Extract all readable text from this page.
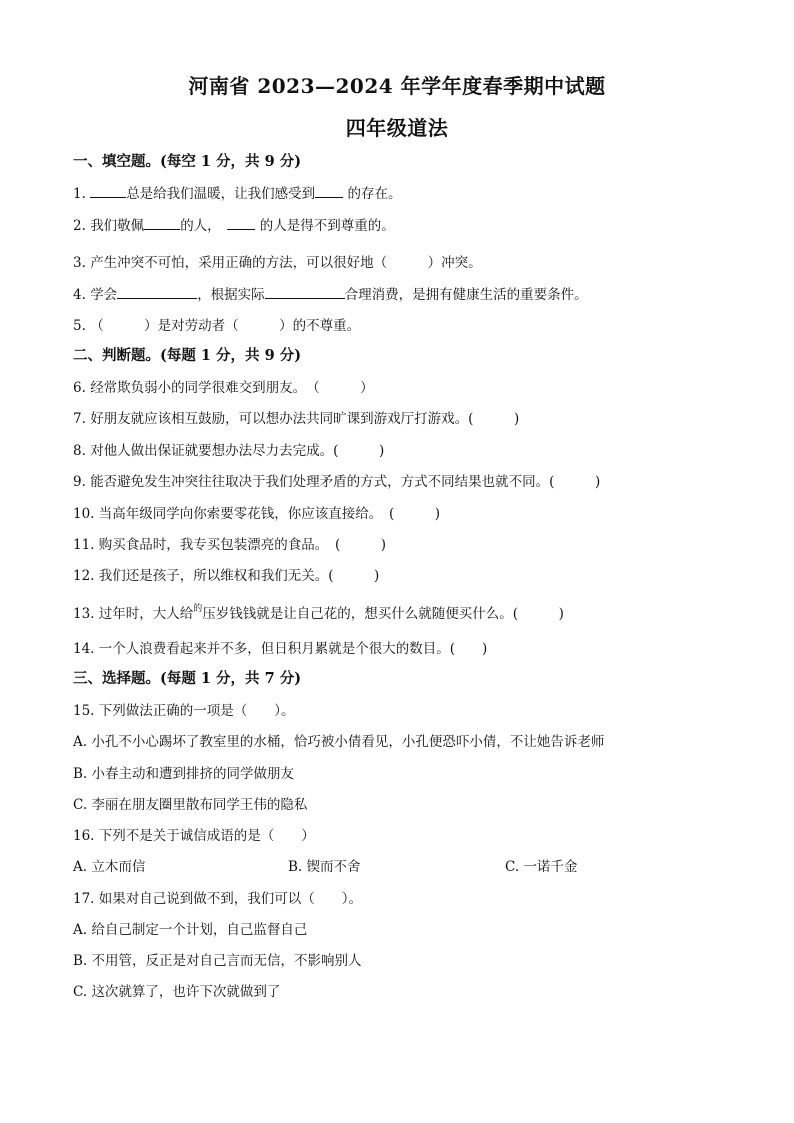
河南省 2023—2024 年学年度春季期中试题
四年级道法
一、填空题。(每空 1 分，共 9 分)
1.	总是给我们温暖，让我们感受到 的存在。
2. 我们敬佩	的人，　	的人是得不到尊重的。
3. 产生冲突不可怕，采用正确的方法，可以很好地（　　　）冲突。
4. 学会	，根据实际	合理消费，是拥有健康生活的重要条件。
5. （　　　）是对劳动者（　　　）的不尊重。
二、判断题。(每题 1 分，共 9 分)
6. 经常欺负弱小的同学很难交到朋友。　（　　　）
7. 好朋友就应该相互鼓励，可以想办法共同旷课到游戏厅打游戏。(　　　)
8. 对他人做出保证就要想办法尽力去完成。(　　　)
9. 能否避免发生冲突往往取决于我们处理矛盾的方式，方式不同结果也就不同。(　　　)
10. 当高年级同学向你索要零花钱，你应该直接给。　(　　　)
11. 购买食品时，我专买包装漂亮的食品。　(　　　)
12. 我们还是孩子，所以维权和我们无关。(　　　)
13. 过年时，大人给$^的$压岁钱钱就是让自己花的，想买什么就随便买什么。(　　　)
14. 一个人浪费看起来并不多，但日积月累就是个很大的数目。(　　)
三、选择题。(每题 1 分，共 7 分)
15. 下列做法正确的一项是（　　）。
A. 小孔不小心踢坏了教室里的水桶，恰巧被小倩看见，小孔便恐吓小倩，不让她告诉老师
B. 小春主动和遭到排挤的同学做朋友
C. 李丽在朋友圈里散布同学王伟的隐私
16. 下列不是关于诚信成语的是（　　）
A. 立木而信	B. 锲而不舍	C. 一诺千金
17. 如果对自己说到做不到，我们可以（　　）。
A. 给自己制定一个计划，自己监督自己
B. 不用管，反正是对自己言而无信，不影响别人
C. 这次就算了，也许下次就做到了
